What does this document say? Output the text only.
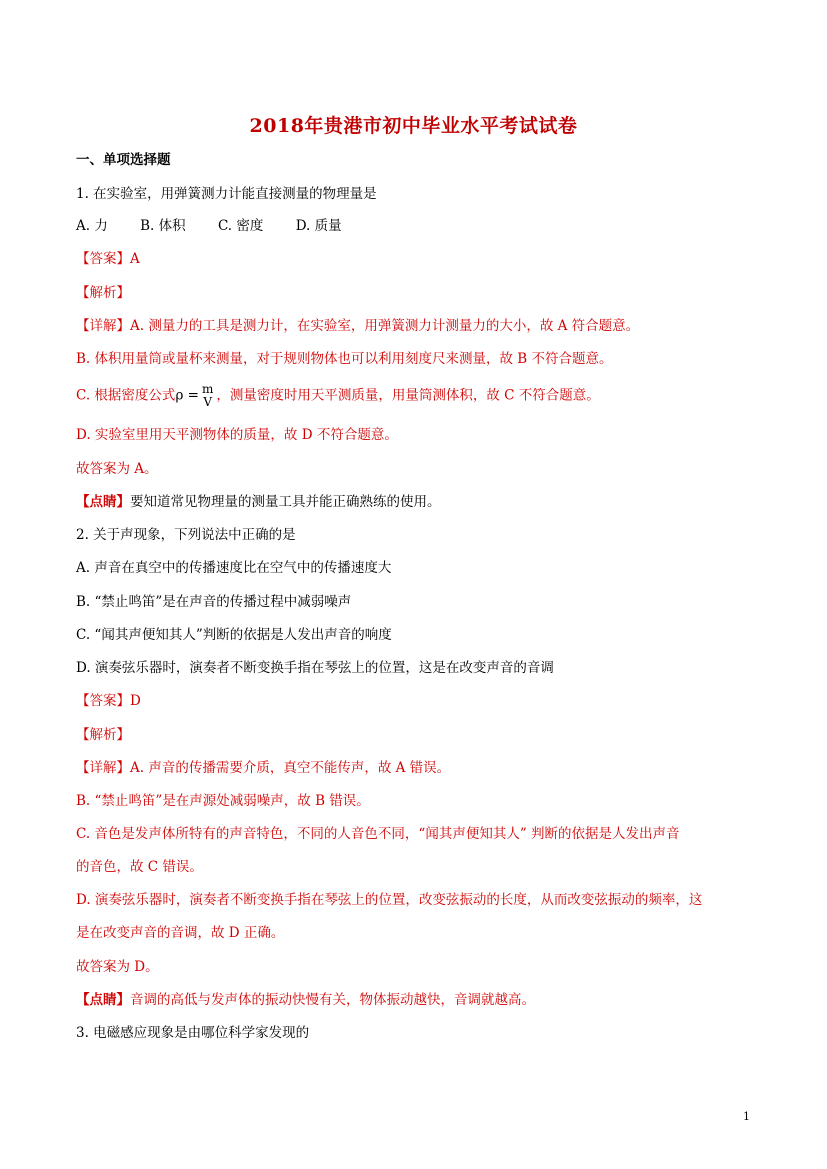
2018年贵港市初中毕业水平考试试卷
一、单项选择题
1. 在实验室，用弹簧测力计能直接测量的物理量是
A. 力 B. 体积 C. 密度 D. 质量
【答案】A
【解析】
【详解】A. 测量力的工具是测力计，在实验室，用弹簧测力计测量力的大小，故 A 符合题意。
B. 体积用量筒或量杯来测量，对于规则物体也可以利用刻度尺来测量，故 B 不符合题意。
C. 根据密度公式ρ = m
V ，测量密度时用天平测质量，用量筒测体积，故 C 不符合题意。
D. 实验室里用天平测物体的质量，故 D 不符合题意。
故答案为 A。
【点睛】要知道常见物理量的测量工具并能正确熟练的使用。
2. 关于声现象，下列说法中正确的是
A. 声音在真空中的传播速度比在空气中的传播速度大
B. “禁止鸣笛”是在声音的传播过程中减弱噪声
C. “闻其声便知其人”判断的依据是人发出声音的响度
D. 演奏弦乐器时，演奏者不断变换手指在琴弦上的位置，这是在改变声音的音调
【答案】D
【解析】
【详解】A. 声音的传播需要介质，真空不能传声，故 A 错误。
B. “禁止鸣笛”是在声源处减弱噪声，故 B 错误。
C. 音色是发声体所特有的声音特色，不同的人音色不同，“闻其声便知其人” 判断的依据是人发出声音
的音色，故 C 错误。
D. 演奏弦乐器时，演奏者不断变换手指在琴弦上的位置，改变弦振动的长度，从而改变弦振动的频率，这
是在改变声音的音调，故 D 正确。
故答案为 D。
【点睛】音调的高低与发声体的振动快慢有关，物体振动越快，音调就越高。
3. 电磁感应现象是由哪位科学家发现的
1
